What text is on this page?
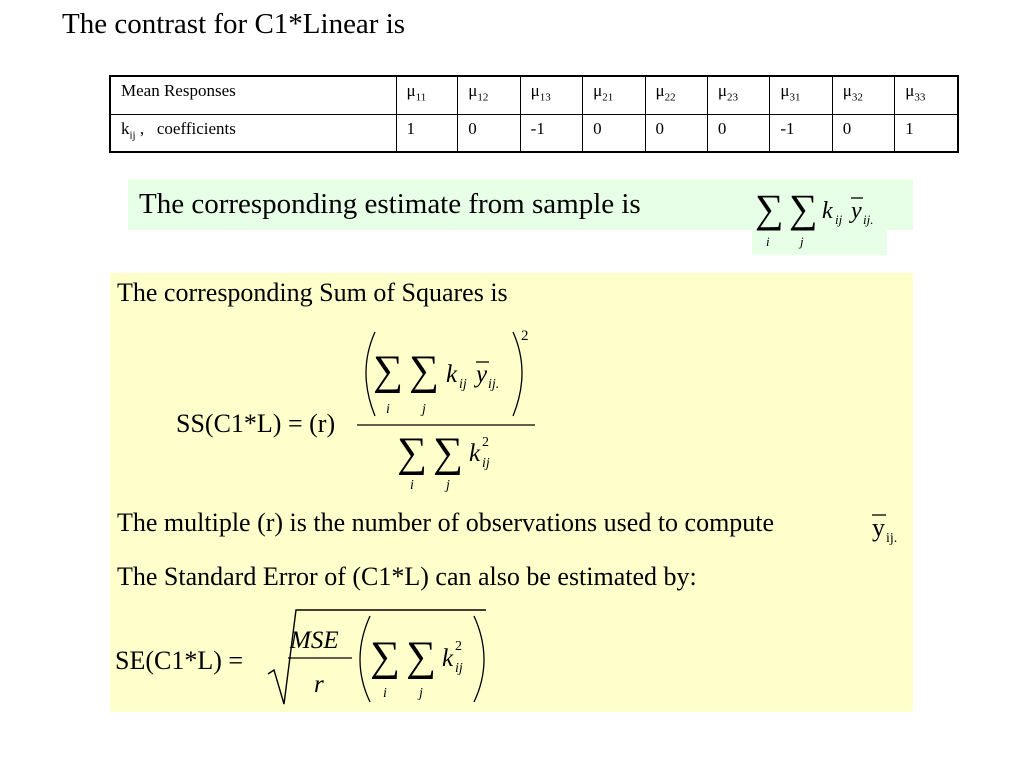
The contrast for C1*Linear is
Mean Responses	$\mu_{11}$	$\mu_{12}$	$\mu_{13}$	$\mu_{21}$	$\mu_{22}$	$\mu_{23}$	$\mu_{31}$	$\mu_{32}$	$\mu_{33}$
$k_{ij}$ ,   coefficients	1	0	-1	0	0	0	-1	0	1
The corresponding estimate from sample is	∑ ∑
i j
k ij y ij.
The corresponding Sum of Squares is
SS(C1*L) = (r)
2
∑ ∑
i j
k ij y ij.
∑ ∑
i j
k 2
ij
The multiple (r) is the number of observations used to compute	y ij.
The Standard Error of (C1*L) can also be estimated by:
SE(C1*L) =
MSE
r
∑ ∑
i j
k 2
ij
